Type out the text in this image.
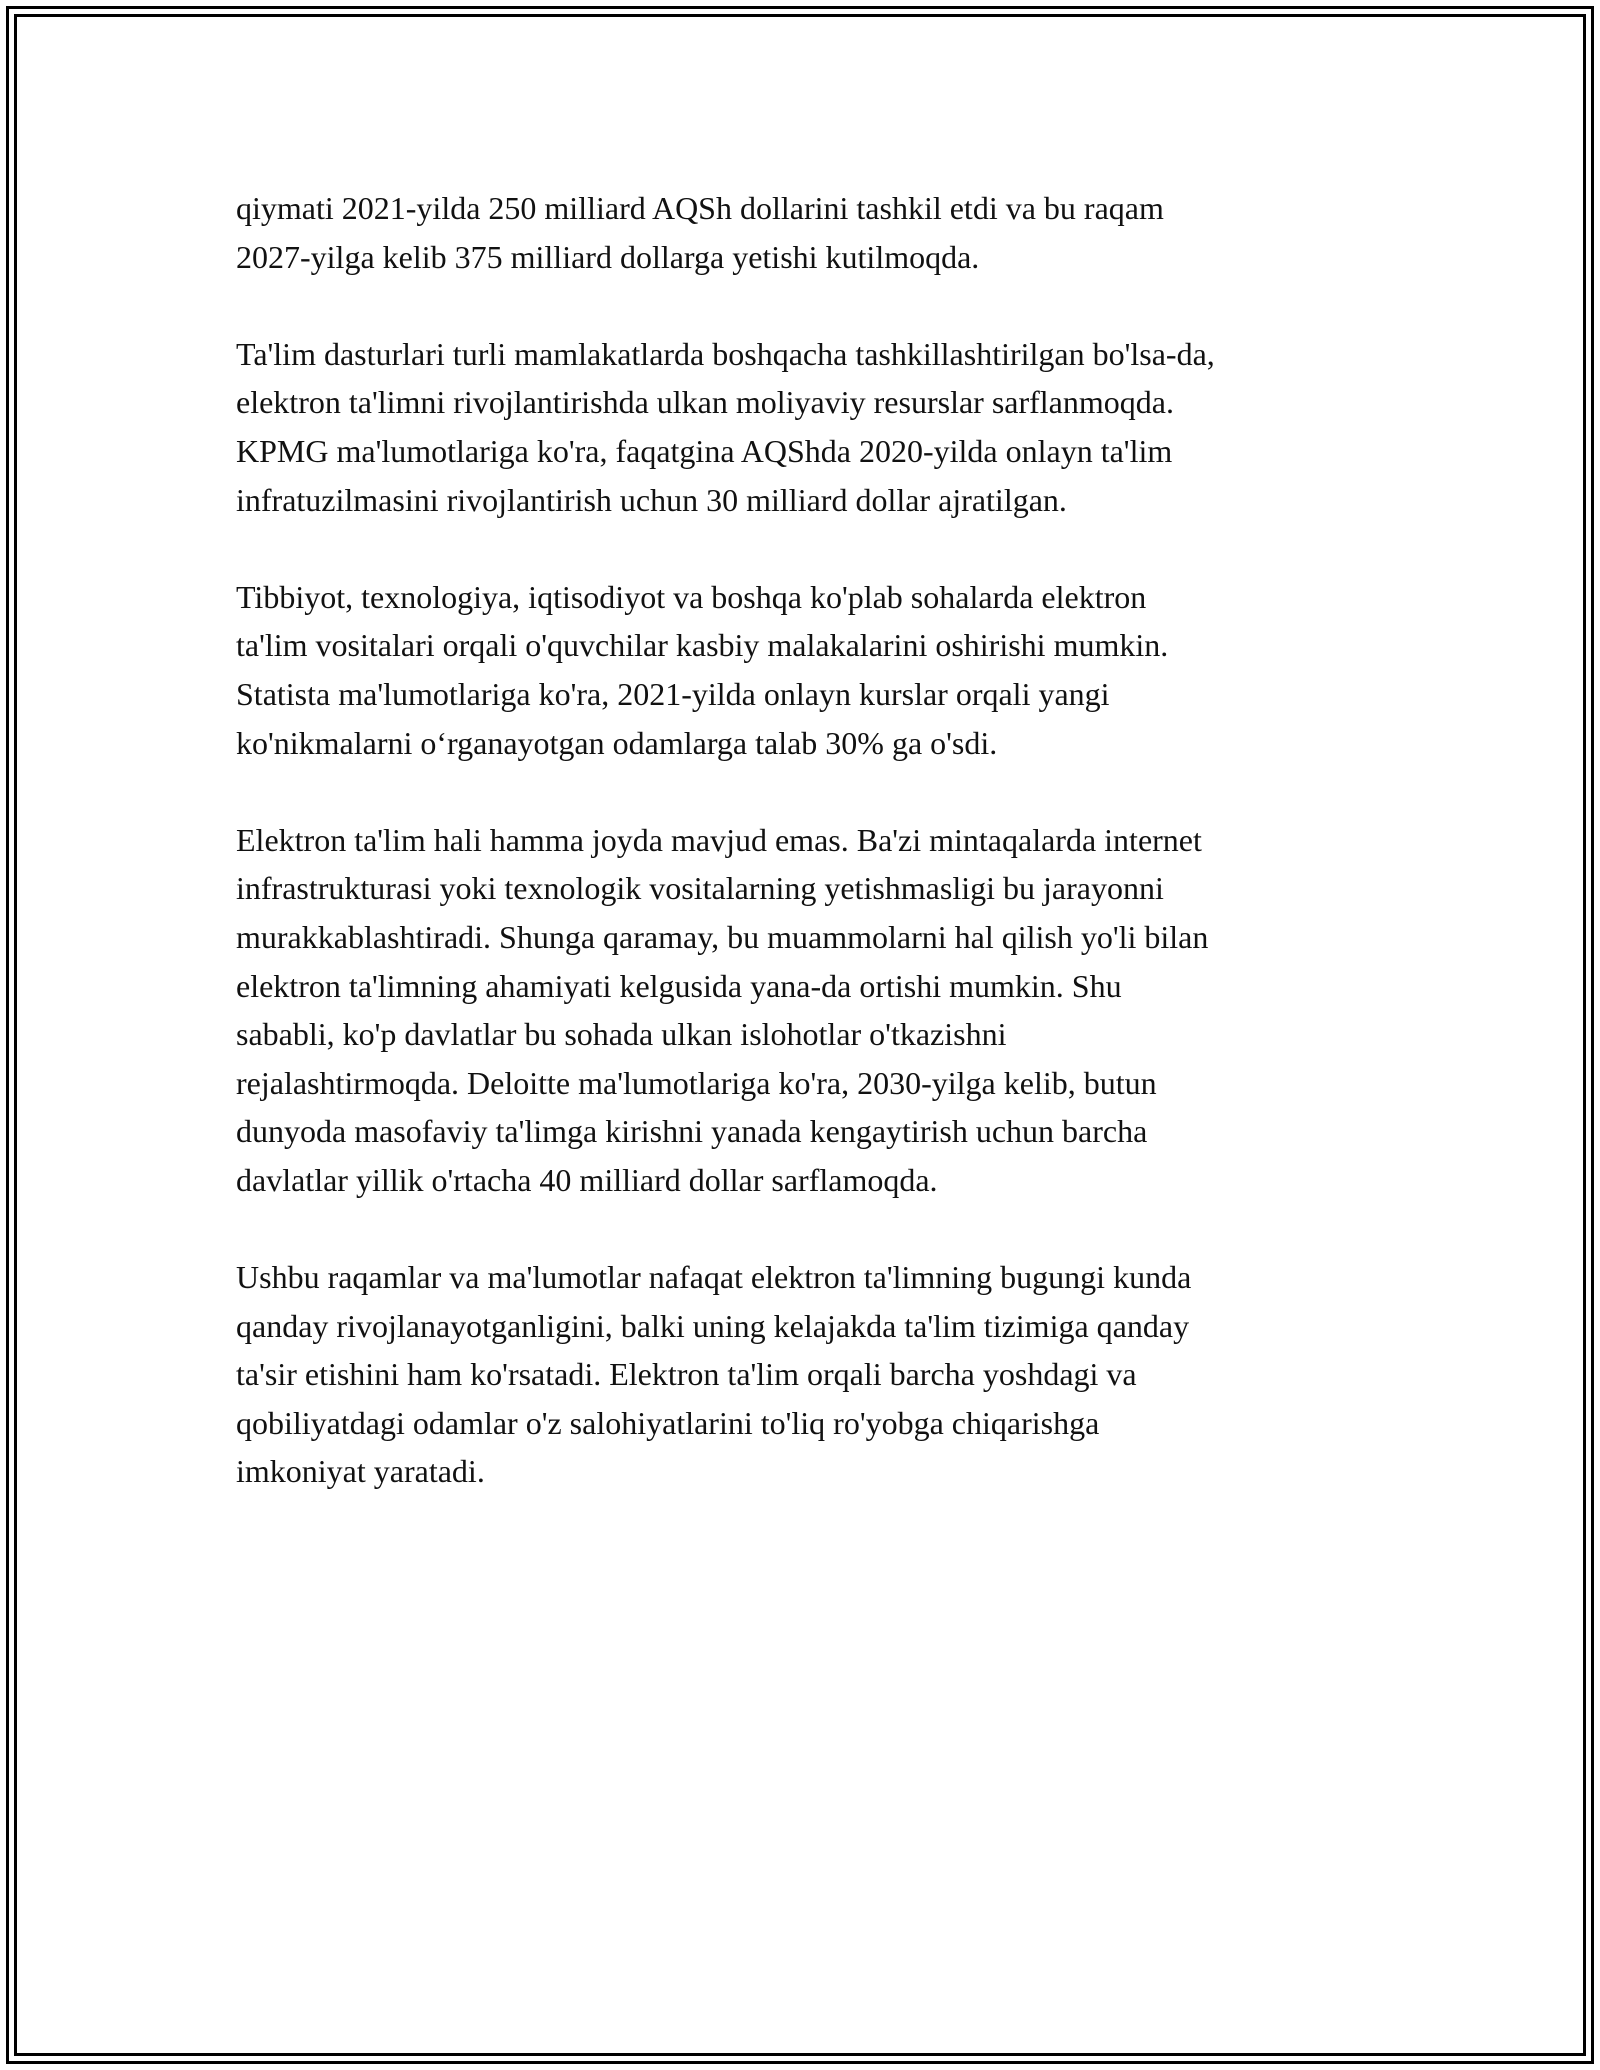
qiymati 2021-yilda 250 milliard AQSh dollarini tashkil etdi va bu raqam
2027-yilga kelib 375 milliard dollarga yetishi kutilmoqda.

Ta'lim dasturlari turli mamlakatlarda boshqacha tashkillashtirilgan bo'lsa-da,
elektron ta'limni rivojlantirishda ulkan moliyaviy resurslar sarflanmoqda.
KPMG ma'lumotlariga ko'ra, faqatgina AQShda 2020-yilda onlayn ta'lim
infratuzilmasini rivojlantirish uchun 30 milliard dollar ajratilgan.

Tibbiyot, texnologiya, iqtisodiyot va boshqa ko'plab sohalarda elektron
ta'lim vositalari orqali o'quvchilar kasbiy malakalarini oshirishi mumkin.
Statista ma'lumotlariga ko'ra, 2021-yilda onlayn kurslar orqali yangi
ko'nikmalarni o‘rganayotgan odamlarga talab 30% ga o'sdi.

Elektron ta'lim hali hamma joyda mavjud emas. Ba'zi mintaqalarda internet
infrastrukturasi yoki texnologik vositalarning yetishmasligi bu jarayonni
murakkablashtiradi. Shunga qaramay, bu muammolarni hal qilish yo'li bilan
elektron ta'limning ahamiyati kelgusida yana-da ortishi mumkin. Shu
sababli, ko'p davlatlar bu sohada ulkan islohotlar o'tkazishni
rejalashtirmoqda. Deloitte ma'lumotlariga ko'ra, 2030-yilga kelib, butun
dunyoda masofaviy ta'limga kirishni yanada kengaytirish uchun barcha
davlatlar yillik o'rtacha 40 milliard dollar sarflamoqda.

Ushbu raqamlar va ma'lumotlar nafaqat elektron ta'limning bugungi kunda
qanday rivojlanayotganligini, balki uning kelajakda ta'lim tizimiga qanday
ta'sir etishini ham ko'rsatadi. Elektron ta'lim orqali barcha yoshdagi va
qobiliyatdagi odamlar o'z salohiyatlarini to'liq ro'yobga chiqarishga
imkoniyat yaratadi.
